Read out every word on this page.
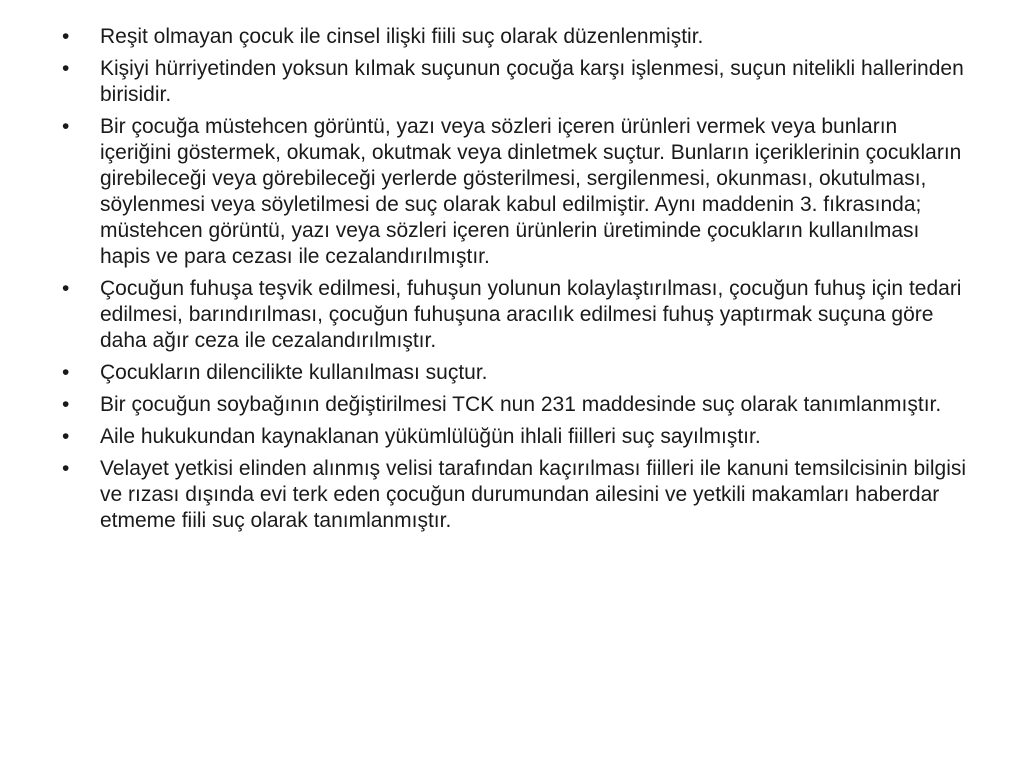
•	Reşit olmayan çocuk ile cinsel ilişki fiili suç olarak düzenlenmiştir.
•	Kişiyi hürriyetinden yoksun kılmak suçunun çocuğa karşı işlenmesi, suçun nitelikli hallerinden birisidir.
•	Bir çocuğa müstehcen görüntü, yazı veya sözleri içeren ürünleri vermek veya bunların içeriğini göstermek, okumak, okutmak veya dinletmek suçtur. Bunların içeriklerinin çocukların girebileceği veya görebileceği yerlerde gösterilmesi, sergilenmesi, okunması, okutulması, söylenmesi veya söyletilmesi de suç olarak kabul edilmiştir. Aynı maddenin 3. fıkrasında; müstehcen görüntü, yazı veya sözleri içeren ürünlerin üretiminde çocukların kullanılması hapis ve para cezası ile cezalandırılmıştır.
•	Çocuğun fuhuşa teşvik edilmesi, fuhuşun yolunun kolaylaştırılması, çocuğun fuhuş için tedari edilmesi, barındırılması, çocuğun fuhuşuna aracılık edilmesi fuhuş yaptırmak suçuna göre daha ağır ceza ile cezalandırılmıştır.
•	Çocukların dilencilikte kullanılması suçtur.
•	Bir çocuğun soybağının değiştirilmesi TCK nun 231 maddesinde suç olarak tanımlanmıştır.
•	Aile hukukundan kaynaklanan yükümlülüğün ihlali fiilleri suç sayılmıştır.
•	Velayet yetkisi elinden alınmış velisi tarafından kaçırılması fiilleri ile kanuni temsilcisinin bilgisi ve rızası dışında evi terk eden çocuğun durumundan ailesini ve yetkili makamları haberdar etmeme fiili suç olarak tanımlanmıştır.
